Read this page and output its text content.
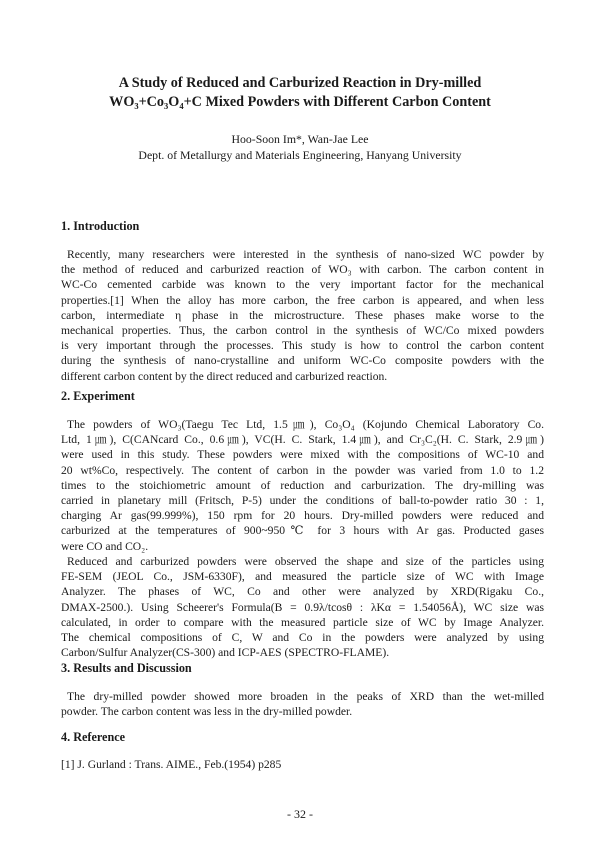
A Study of Reduced and Carburized Reaction in Dry-milled
WO₃+Co₃O₄+C Mixed Powders with Different Carbon Content
Hoo-Soon Im*, Wan-Jae Lee
Dept. of Metallurgy and Materials Engineering, Hanyang University
1. Introduction
Recently, many researchers were interested in the synthesis of nano-sized WC powder by
the method of reduced and carburized reaction of WO₃ with carbon. The carbon content in
WC-Co cemented carbide was known to the very important factor for the mechanical
properties.[1] When the alloy has more carbon, the free carbon is appeared, and when less
carbon, intermediate η phase in the microstructure. These phases make worse to the
mechanical properties. Thus, the carbon control in the synthesis of WC/Co mixed powders
is very important through the processes. This study is how to control the carbon content
during the synthesis of nano-crystalline and uniform WC-Co composite powders with the
different carbon content by the direct reduced and carburized reaction.
2. Experiment
The powders of WO₃(Taegu Tec Ltd, 1.5㎛), Co₃O₄ (Kojundo Chemical Laboratory Co.
Ltd, 1㎛), C(CANcard Co., 0.6㎛), VC(H. C. Stark, 1.4㎛), and Cr₃C₂(H. C. Stark, 2.9㎛)
were used in this study. These powders were mixed with the compositions of WC-10 and
20 wt%Co, respectively. The content of carbon in the powder was varied from 1.0 to 1.2
times to the stoichiometric amount of reduction and carburization. The dry-milling was
carried in planetary mill (Fritsch, P-5) under the conditions of ball-to-powder ratio 30 : 1,
charging Ar gas(99.999%), 150 rpm for 20 hours. Dry-milled powders were reduced and
carburized at the temperatures of 900~950℃ for 3 hours with Ar gas. Producted gases
were CO and CO₂.
Reduced and carburized powders were observed the shape and size of the particles using
FE-SEM (JEOL Co., JSM-6330F), and measured the particle size of WC with Image
Analyzer. The phases of WC, Co and other were analyzed by XRD(Rigaku Co.,
DMAX-2500.). Using Scheerer's Formula(B = 0.9λ/tcosθ : λKα = 1.54056Å), WC size was
calculated, in order to compare with the measured particle size of WC by Image Analyzer.
The chemical compositions of C, W and Co in the powders were analyzed by using
Carbon/Sulfur Analyzer(CS-300) and ICP-AES (SPECTRO-FLAME).
3. Results and Discussion
The dry-milled powder showed more broaden in the peaks of XRD than the wet-milled
powder. The carbon content was less in the dry-milled powder.
4. Reference
[1] J. Gurland : Trans. AIME., Feb.(1954) p285
- 32 -
